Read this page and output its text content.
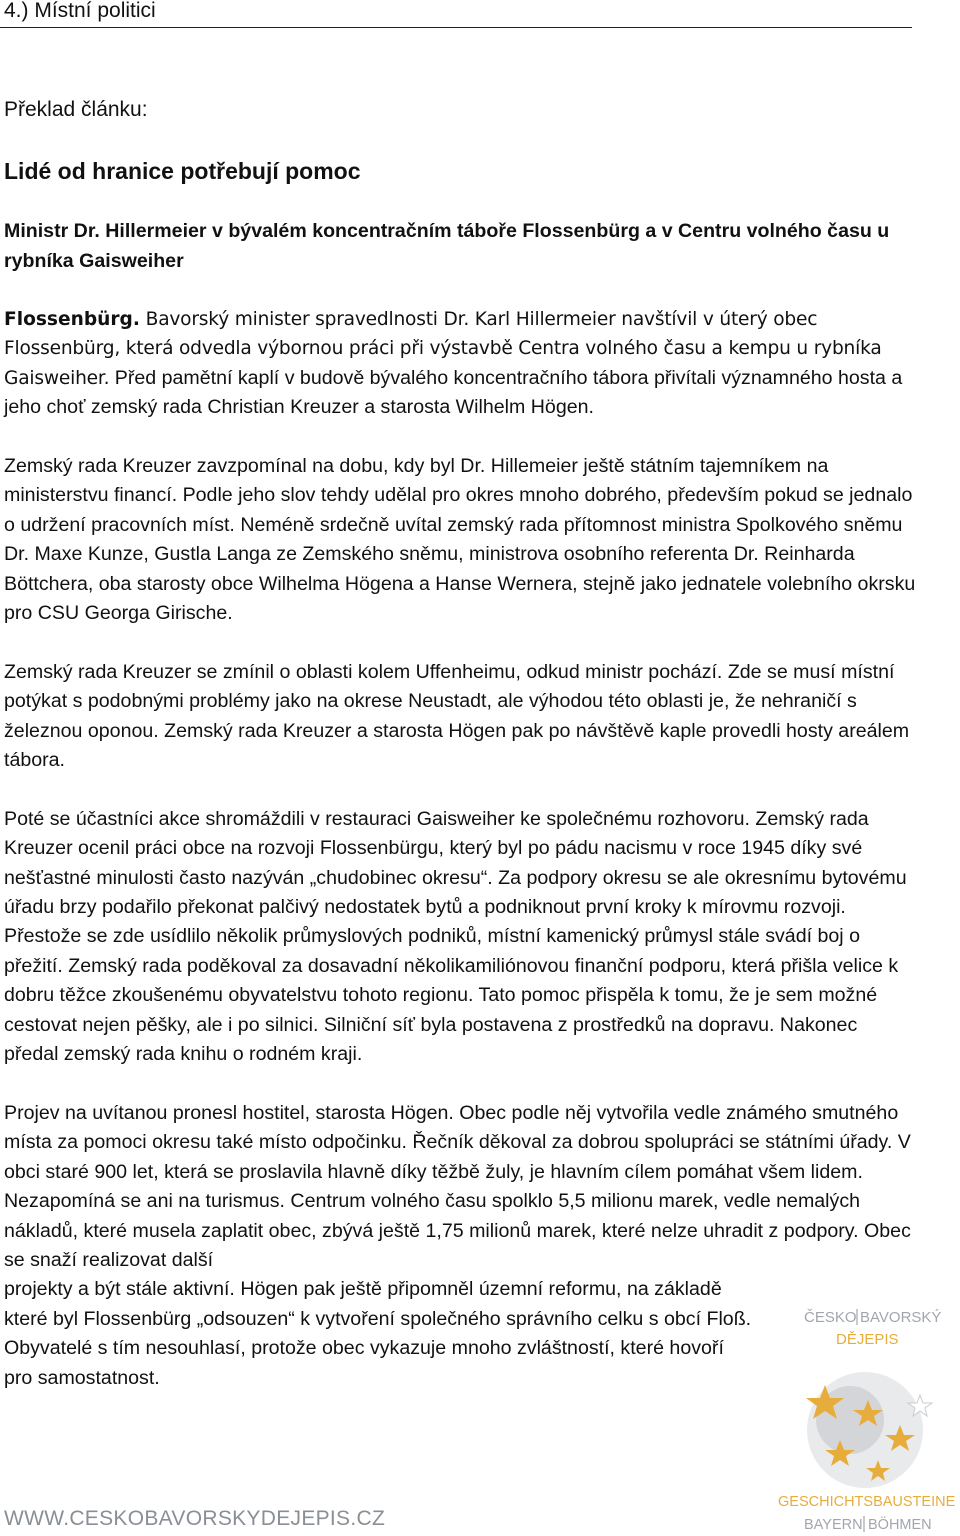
4.) Místní politici
Překlad článku:
Lidé od hranice potřebují pomoc
Ministr Dr. Hillermeier v bývalém koncentračním táboře Flossenbürg a v Centru volného času u rybníka Gaisweiher

Flossenbürg. Bavorský minister spravedlnosti Dr. Karl Hillermeier navštívil v úterý obec Flossenbürg, která odvedla výbornou práci při výstavbě Centra volného času a kempu u rybníka Gaisweiher. Před pamětní kaplí v budově bývalého koncentračního tábora přivítali významného hosta a jeho choť zemský rada Christian Kreuzer a starosta Wilhelm Högen.

Zemský rada Kreuzer zavzpomínal na dobu, kdy byl Dr. Hillemeier ještě státním tajemníkem na ministerstvu financí. Podle jeho slov tehdy udělal pro okres mnoho dobrého, především pokud se jednalo o udržení pracovních míst. Neméně srdečně uvítal zemský rada přítomnost ministra Spolkového sněmu Dr. Maxe Kunze, Gustla Langa ze Zemského sněmu, ministrova osobního referenta Dr. Reinharda Böttchera, oba starosty obce Wilhelma Högena a Hanse Wernera, stejně jako jednatele volebního okrsku pro CSU Georga Girische.

Zemský rada Kreuzer se zmínil o oblasti kolem Uffenheimu, odkud ministr pochází. Zde se musí místní potýkat s podobnými problémy jako na okrese Neustadt, ale výhodou této oblasti je, že nehraničí s železnou oponou. Zemský rada Kreuzer a starosta Högen pak po návštěvě kaple provedli hosty areálem tábora.

Poté se účastníci akce shromáždili v restauraci Gaisweiher ke společnému rozhovoru. Zemský rada Kreuzer ocenil práci obce na rozvoji Flossenbürgu, který byl po pádu nacismu v roce 1945 díky své nešťastné minulosti často nazýván „chudobinec okresu“. Za podpory okresu se ale okresnímu bytovému úřadu brzy podařilo překonat palčivý nedostatek bytů a podniknout první kroky k mírovmu rozvoji. Přestože se zde usídlilo několik průmyslových podniků, místní kamenický průmysl stále svádí boj o přežití. Zemský rada poděkoval za dosavadní několikamiliónovou finanční podporu, která přišla velice k dobru těžce zkoušenému obyvatelstvu tohoto regionu. Tato pomoc přispěla k tomu, že je sem možné cestovat nejen pěšky, ale i po silnici. Silniční síť byla postavena z prostředků na dopravu. Nakonec předal zemský rada knihu o rodném kraji.

Projev na uvítanou pronesl hostitel, starosta Högen. Obec podle něj vytvořila vedle známého smutného místa za pomoci okresu také místo odpočinku. Řečník děkoval za dobrou spolupráci se státními úřady. V obci staré 900 let, která se proslavila hlavně díky těžbě žuly, je hlavním cílem pomáhat všem lidem. Nezapomíná se ani na turismus. Centrum volného času spolklo 5,5 milionu marek, vedle nemalých nákladů, které musela zaplatit obec, zbývá ještě 1,75 milionů marek, které nelze uhradit z podpory. Obec se snaží realizovat další

projekty a být stále aktivní. Högen pak ještě připomněl územní reformu, na základě které byl Flossenbürg „odsouzen“ k vytvoření společného správního celku s obcí Floß. Obyvatelé s tím nesouhlasí, protože obec vykazuje mnoho zvláštností, které hovoří pro samostatnost.

WWW.CESKOBAVORSKYDEJEPIS.CZ
ČESKO BAVORSKÝ
DĚJEPIS
GESCHICHTSBAUSTEINE
BAYERN BÖHMEN
